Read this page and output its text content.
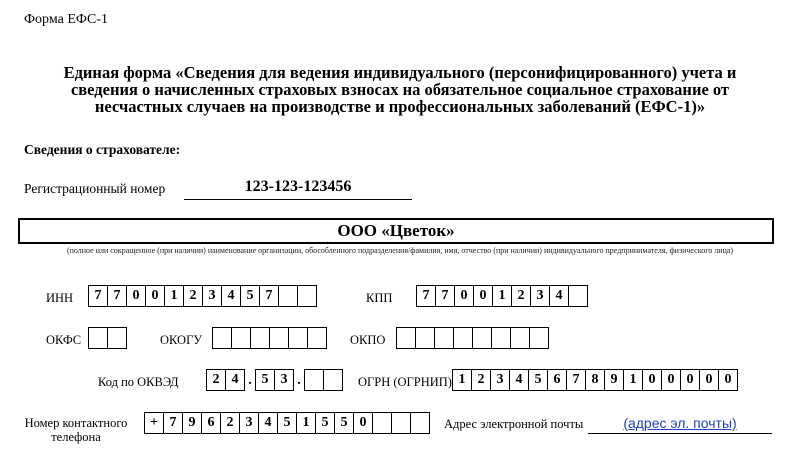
Форма ЕФС-1
Единая форма «Сведения для ведения индивидуального (персонифицированного) учета и
сведения о начисленных страховых взносах на обязательное социальное страхование от
несчастных случаев на производстве и профессиональных заболеваний (ЕФС-1)»
Сведения о страхователе:
Регистрационный номер	123-123-123456
ООО «Цветок»
(полное или сокращенное (при наличии) наименование организации, обособленного подразделения/фамилия, имя, отчество (при наличии) индивидуального предпринимателя, физического лица)
ИНН	7 7 0 0 1 2 3 4 5 7	КПП	7 7 0 0 1 2 3 4
ОКФС	ОКОГУ	ОКПО
Код по ОКВЭД	2 4 . 5 3 .	ОГРН (ОГРНИП) 1 2 3 4 5 6 7 8 9 1 0 0 0 0 0
Номер контактного
телефона
+ 7 9 6 2 3 4 5 1 5 5 0	Адрес электронной почты	(адрес эл. почты)
